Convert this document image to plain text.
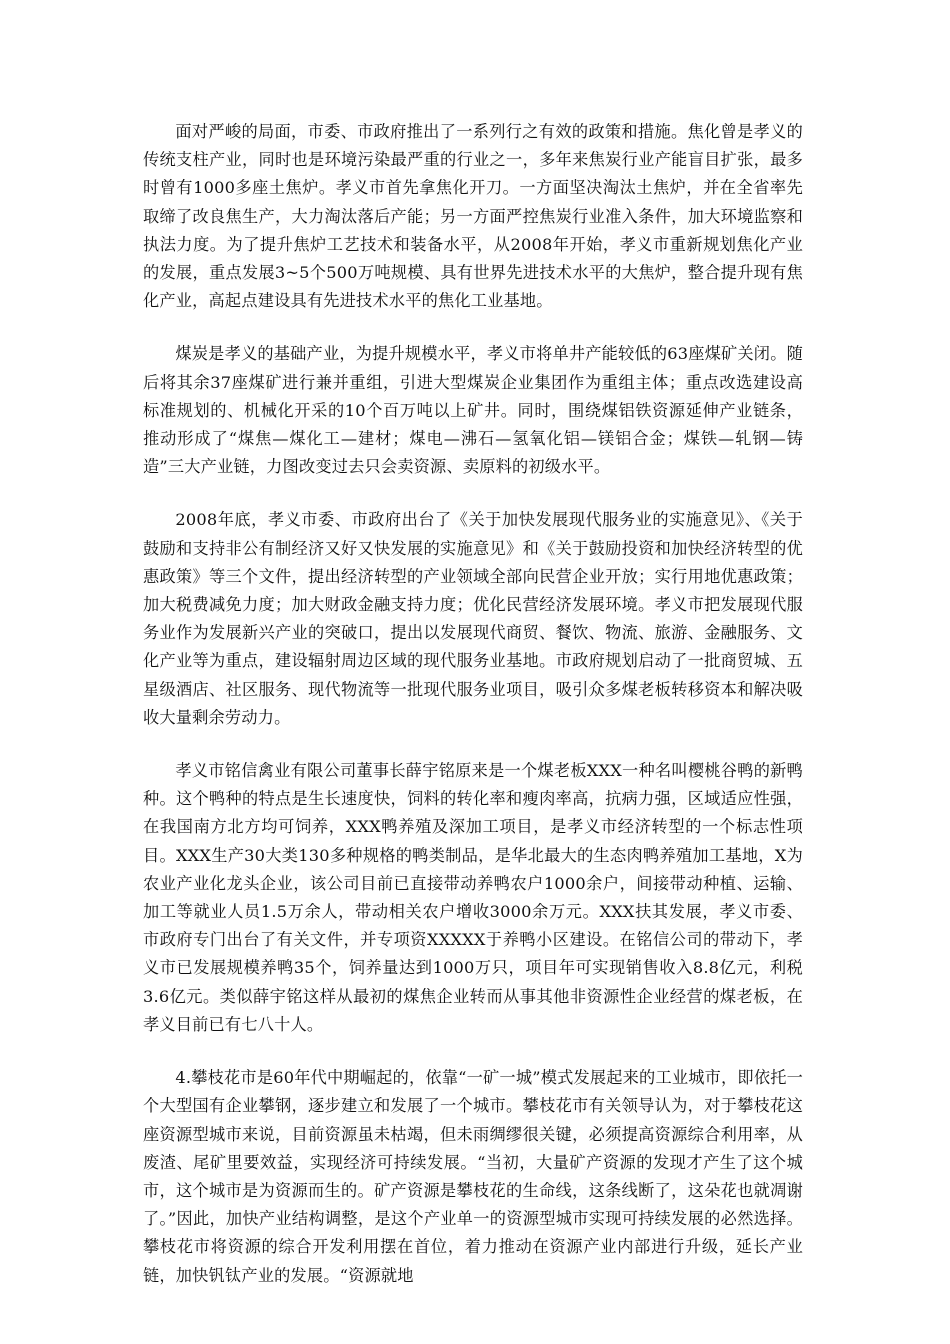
面对严峻的局面，市委、市政府推出了一系列行之有效的政策和措施。焦化曾是孝义的传统支柱产业，同时也是环境污染最严重的行业之一，多年来焦炭行业产能盲目扩张，最多时曾有1000多座土焦炉。孝义市首先拿焦化开刀。一方面坚决淘汰土焦炉，并在全省率先取缔了改良焦生产，大力淘汰落后产能；另一方面严控焦炭行业准入条件，加大环境监察和执法力度。为了提升焦炉工艺技术和装备水平，从2008年开始，孝义市重新规划焦化产业的发展，重点发展3~5个500万吨规模、具有世界先进技术水平的大焦炉，整合提升现有焦化产业，高起点建设具有先进技术水平的焦化工业基地。

煤炭是孝义的基础产业，为提升规模水平，孝义市将单井产能较低的63座煤矿关闭。随后将其余37座煤矿进行兼并重组，引进大型煤炭企业集团作为重组主体；重点改选建设高标准规划的、机械化开采的10个百万吨以上矿井。同时，围绕煤铝铁资源延伸产业链条，推动形成了“煤焦—煤化工—建材；煤电—沸石—氢氧化铝—镁铝合金；煤铁—轧钢—铸造”三大产业链，力图改变过去只会卖资源、卖原料的初级水平。

2008年底，孝义市委、市政府出台了《关于加快发展现代服务业的实施意见》、《关于鼓励和支持非公有制经济又好又快发展的实施意见》和《关于鼓励投资和加快经济转型的优惠政策》等三个文件，提出经济转型的产业领域全部向民营企业开放；实行用地优惠政策；加大税费减免力度；加大财政金融支持力度；优化民营经济发展环境。孝义市把发展现代服务业作为发展新兴产业的突破口，提出以发展现代商贸、餐饮、物流、旅游、金融服务、文化产业等为重点，建设辐射周边区域的现代服务业基地。市政府规划启动了一批商贸城、五星级酒店、社区服务、现代物流等一批现代服务业项目，吸引众多煤老板转移资本和解决吸收大量剩余劳动力。

孝义市铭信禽业有限公司董事长薛宇铭原来是一个煤老板XXX一种名叫樱桃谷鸭的新鸭种。这个鸭种的特点是生长速度快，饲料的转化率和瘦肉率高，抗病力强，区域适应性强，在我国南方北方均可饲养，XXX鸭养殖及深加工项目，是孝义市经济转型的一个标志性项目。XXX生产30大类130多种规格的鸭类制品，是华北最大的生态肉鸭养殖加工基地，X为农业产业化龙头企业，该公司目前已直接带动养鸭农户1000余户，间接带动种植、运输、加工等就业人员1.5万余人，带动相关农户增收3000余万元。XXX扶其发展，孝义市委、市政府专门出台了有关文件，并专项资XXXXX于养鸭小区建设。在铭信公司的带动下，孝义市已发展规模养鸭35个，饲养量达到1000万只，项目年可实现销售收入8.8亿元，利税3.6亿元。类似薛宇铭这样从最初的煤焦企业转而从事其他非资源性企业经营的煤老板，在孝义目前已有七八十人。

4.攀枝花市是60年代中期崛起的，依靠“一矿一城”模式发展起来的工业城市，即依托一个大型国有企业攀钢，逐步建立和发展了一个城市。攀枝花市有关领导认为，对于攀枝花这座资源型城市来说，目前资源虽未枯竭，但未雨绸缪很关键，必须提高资源综合利用率，从废渣、尾矿里要效益，实现经济可持续发展。“当初，大量矿产资源的发现才产生了这个城市，这个城市是为资源而生的。矿产资源是攀枝花的生命线，这条线断了，这朵花也就凋谢了。”因此，加快产业结构调整，是这个产业单一的资源型城市实现可持续发展的必然选择。攀枝花市将资源的综合开发利用摆在首位，着力推动在资源产业内部进行升级，延长产业链，加快钒钛产业的发展。“资源就地
